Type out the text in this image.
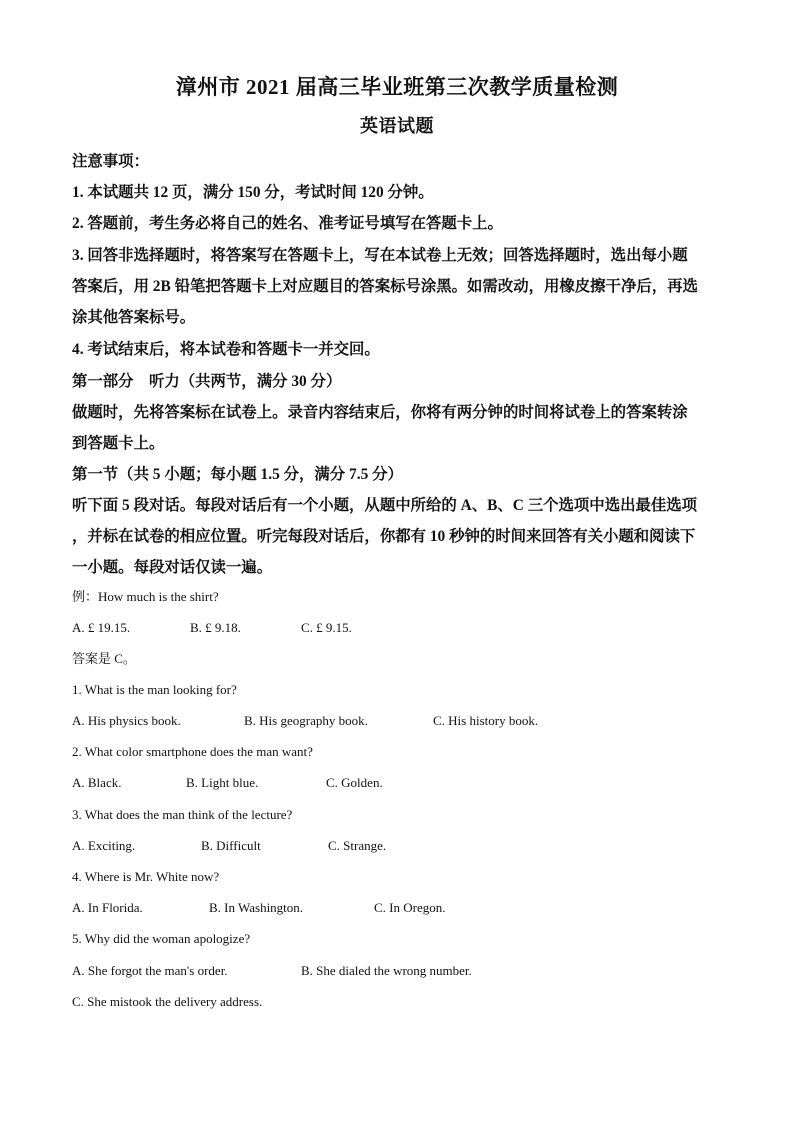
漳州市 2021 届高三毕业班第三次教学质量检测
英语试题
注意事项：
1. 本试题共 12 页，满分 150 分，考试时间 120 分钟。
2. 答题前，考生务必将自己的姓名、准考证号填写在答题卡上。
3. 回答非选择题时，将答案写在答题卡上，写在本试卷上无效；回答选择题时，选出每小题
答案后，用 2B 铅笔把答题卡上对应题目的答案标号涂黑。如需改动，用橡皮擦干净后，再选
涂其他答案标号。
4. 考试结束后，将本试卷和答题卡一并交回。
第一部分　听力（共两节，满分 30 分）
做题时，先将答案标在试卷上。录音内容结束后，你将有两分钟的时间将试卷上的答案转涂
到答题卡上。
第一节（共 5 小题；每小题 1.5 分，满分 7.5 分）
听下面 5 段对话。每段对话后有一个小题，从题中所给的 A、B、C 三个选项中选出最佳选项
，并标在试卷的相应位置。听完每段对话后，你都有 10 秒钟的时间来回答有关小题和阅读下
一小题。每段对话仅读一遍。
例：How much is the shirt?
A. £ 19.15.	B. £ 9.18.	C. £ 9.15.
答案是 C。
1. What is the man looking for?
A. His physics book.	B. His geography book.	C. His history book.
2. What color smartphone does the man want?
A. Black.	B. Light blue.	C. Golden.
3. What does the man think of the lecture?
A. Exciting.	B. Difficult	C. Strange.
4. Where is Mr. White now?
A. In Florida.	B. In Washington.	C. In Oregon.
5. Why did the woman apologize?
A. She forgot the man's order.	B. She dialed the wrong number.
C. She mistook the delivery address.
